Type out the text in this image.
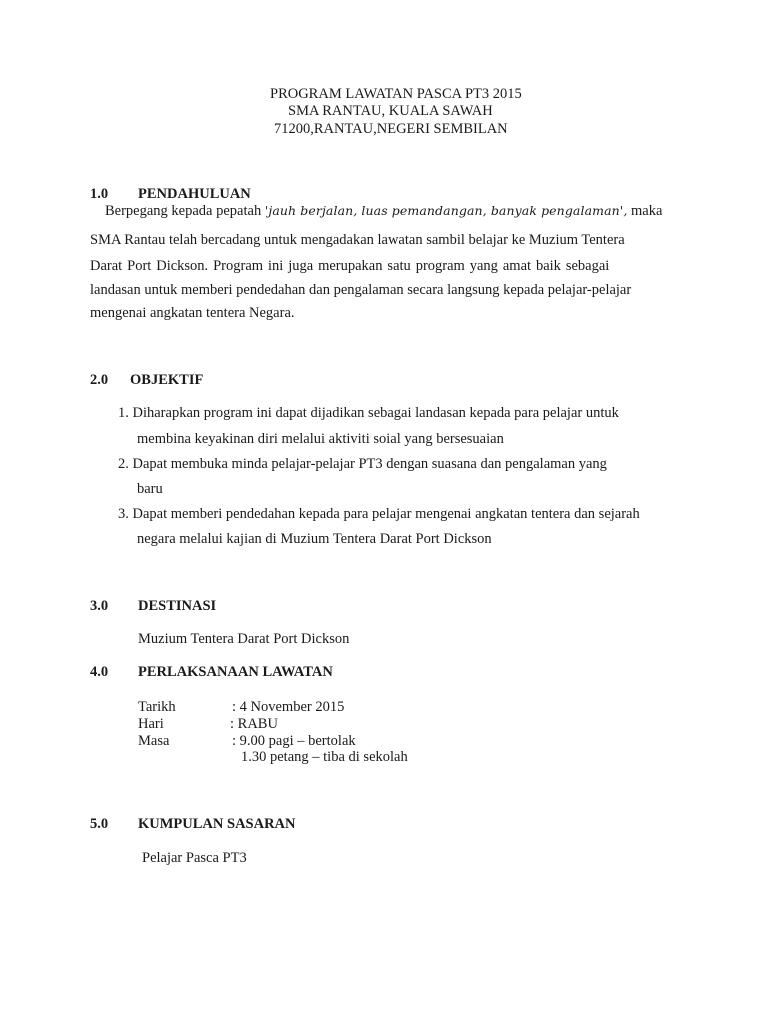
PROGRAM LAWATAN PASCA PT3 2015
SMA RANTAU, KUALA SAWAH
71200,RANTAU,NEGERI SEMBILAN
1.0 PENDAHULUAN
Berpegang kepada pepatah 'jauh berjalan, luas pemandangan, banyak pengalaman', maka
SMA Rantau telah bercadang untuk mengadakan lawatan sambil belajar ke Muzium Tentera
Darat Port Dickson. Program ini juga merupakan satu program yang amat baik sebagai
landasan untuk memberi pendedahan dan pengalaman secara langsung kepada pelajar-pelajar
mengenai angkatan tentera Negara.
2.0 OBJEKTIF
1. Diharapkan program ini dapat dijadikan sebagai landasan kepada para pelajar untuk
membina keyakinan diri melalui aktiviti soial yang bersesuaian
2. Dapat membuka minda pelajar-pelajar PT3 dengan suasana dan pengalaman yang
baru
3. Dapat memberi pendedahan kepada para pelajar mengenai angkatan tentera dan sejarah
negara melalui kajian di Muzium Tentera Darat Port Dickson
3.0 DESTINASI
Muzium Tentera Darat Port Dickson
4.0 PERLAKSANAAN LAWATAN
Tarikh	: 4 November 2015
Hari	: RABU
Masa	: 9.00 pagi – bertolak
1.30 petang – tiba di sekolah
5.0 KUMPULAN SASARAN
Pelajar Pasca PT3
